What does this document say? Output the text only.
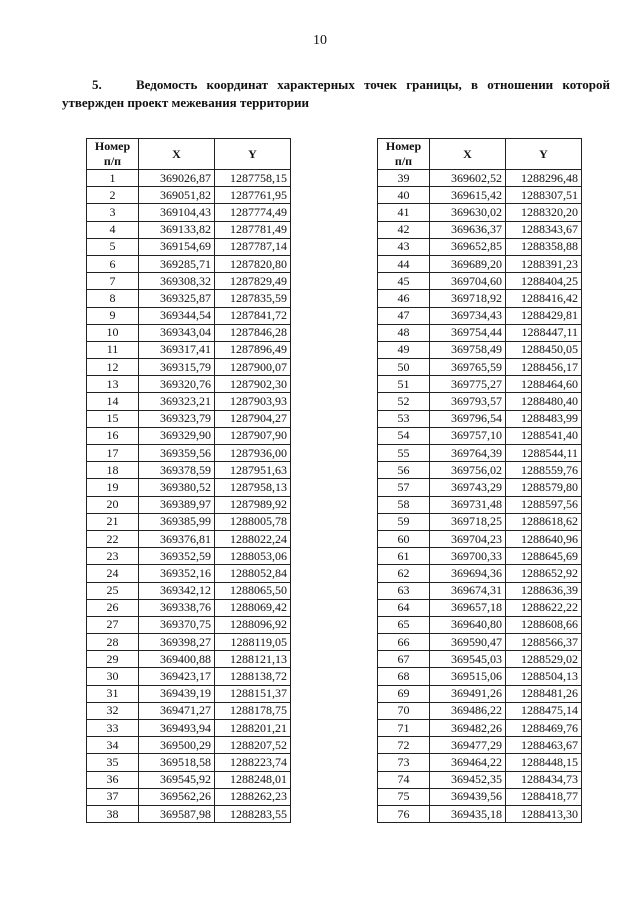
10
5.	Ведомость координат характерных точек границы, в отношении которой утвержден проект межевания территории
Номер	X	Y
п/п		
1	369026,87	1287758,15
2	369051,82	1287761,95
3	369104,43	1287774,49
4	369133,82	1287781,49
5	369154,69	1287787,14
6	369285,71	1287820,80
7	369308,32	1287829,49
8	369325,87	1287835,59
9	369344,54	1287841,72
10	369343,04	1287846,28
11	369317,41	1287896,49
12	369315,79	1287900,07
13	369320,76	1287902,30
14	369323,21	1287903,93
15	369323,79	1287904,27
16	369329,90	1287907,90
17	369359,56	1287936,00
18	369378,59	1287951,63
19	369380,52	1287958,13
20	369389,97	1287989,92
21	369385,99	1288005,78
22	369376,81	1288022,24
23	369352,59	1288053,06
24	369352,16	1288052,84
25	369342,12	1288065,50
26	369338,76	1288069,42
27	369370,75	1288096,92
28	369398,27	1288119,05
29	369400,88	1288121,13
30	369423,17	1288138,72
31	369439,19	1288151,37
32	369471,27	1288178,75
33	369493,94	1288201,21
34	369500,29	1288207,52
35	369518,58	1288223,74
36	369545,92	1288248,01
37	369562,26	1288262,23
38	369587,98	1288283,55
Номер	X	Y
п/п		
39	369602,52	1288296,48
40	369615,42	1288307,51
41	369630,02	1288320,20
42	369636,37	1288343,67
43	369652,85	1288358,88
44	369689,20	1288391,23
45	369704,60	1288404,25
46	369718,92	1288416,42
47	369734,43	1288429,81
48	369754,44	1288447,11
49	369758,49	1288450,05
50	369765,59	1288456,17
51	369775,27	1288464,60
52	369793,57	1288480,40
53	369796,54	1288483,99
54	369757,10	1288541,40
55	369764,39	1288544,11
56	369756,02	1288559,76
57	369743,29	1288579,80
58	369731,48	1288597,56
59	369718,25	1288618,62
60	369704,23	1288640,96
61	369700,33	1288645,69
62	369694,36	1288652,92
63	369674,31	1288636,39
64	369657,18	1288622,22
65	369640,80	1288608,66
66	369590,47	1288566,37
67	369545,03	1288529,02
68	369515,06	1288504,13
69	369491,26	1288481,26
70	369486,22	1288475,14
71	369482,26	1288469,76
72	369477,29	1288463,67
73	369464,22	1288448,15
74	369452,35	1288434,73
75	369439,56	1288418,77
76	369435,18	1288413,30
